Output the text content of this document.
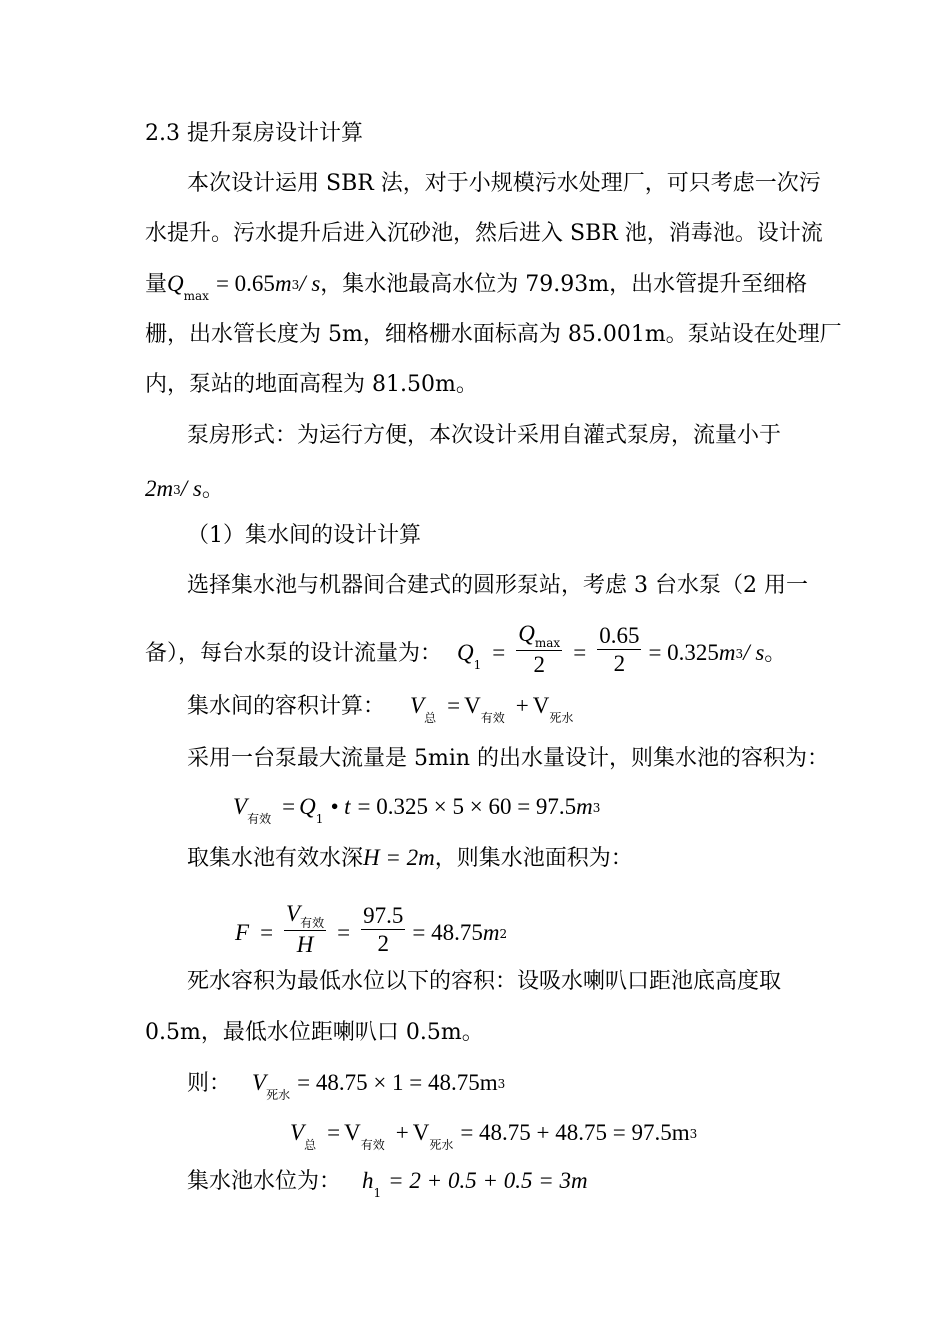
2.3 提升泵房设计计算
本次设计运用 SBR 法，对于小规模污水处理厂，可只考虑一次污
水提升。污水提升后进入沉砂池，然后进入 SBR 池，消毒池。设计流
量$Q_{max} = 0.65m3/$ s，集水池最高水位为 79.93m，出水管提升至细格
栅，出水管长度为 5m，细格栅水面标高为 85.001m。泵站设在处理厂
内，泵站的地面高程为 81.50m。
泵房形式：为运行方便，本次设计采用自灌式泵房，流量小于
2m3/ s。
（1）集水间的设计计算
选择集水池与机器间合建式的圆形泵站，考虑 3 台水泵（2 用一
备），每台水泵的设计流量为： $Q_1 = \frac{Q_{max}}{2} = \frac{0.65}{2} = 0.325m3/$ s。
集水间的容积计算： $V_总 = V_{有效} + V_{死水}$
采用一台泵最大流量是 5min 的出水量设计，则集水池的容积为：
$V_{有效} = Q_1$ • t = 0.325 × 5 × 60 = 97.5m3
取集水池有效水深H = 2m，则集水池面积为：
$F = \frac{V_{有效}}{H} = \frac{97.5}{2} = 48.75m2$
死水容积为最低水位以下的容积：设吸水喇叭口距池底高度取
0.5m，最低水位距喇叭口 0.5m。
则： $V_{死水} = 48.75 \times 1 = 48.75m3$
$V_总 = V_{有效} + V_{死水} = 48.75 + 48.75 = 97.5m3$
集水池水位为： $h_1 = 2 + 0.5 + 0.5 = 3m$
